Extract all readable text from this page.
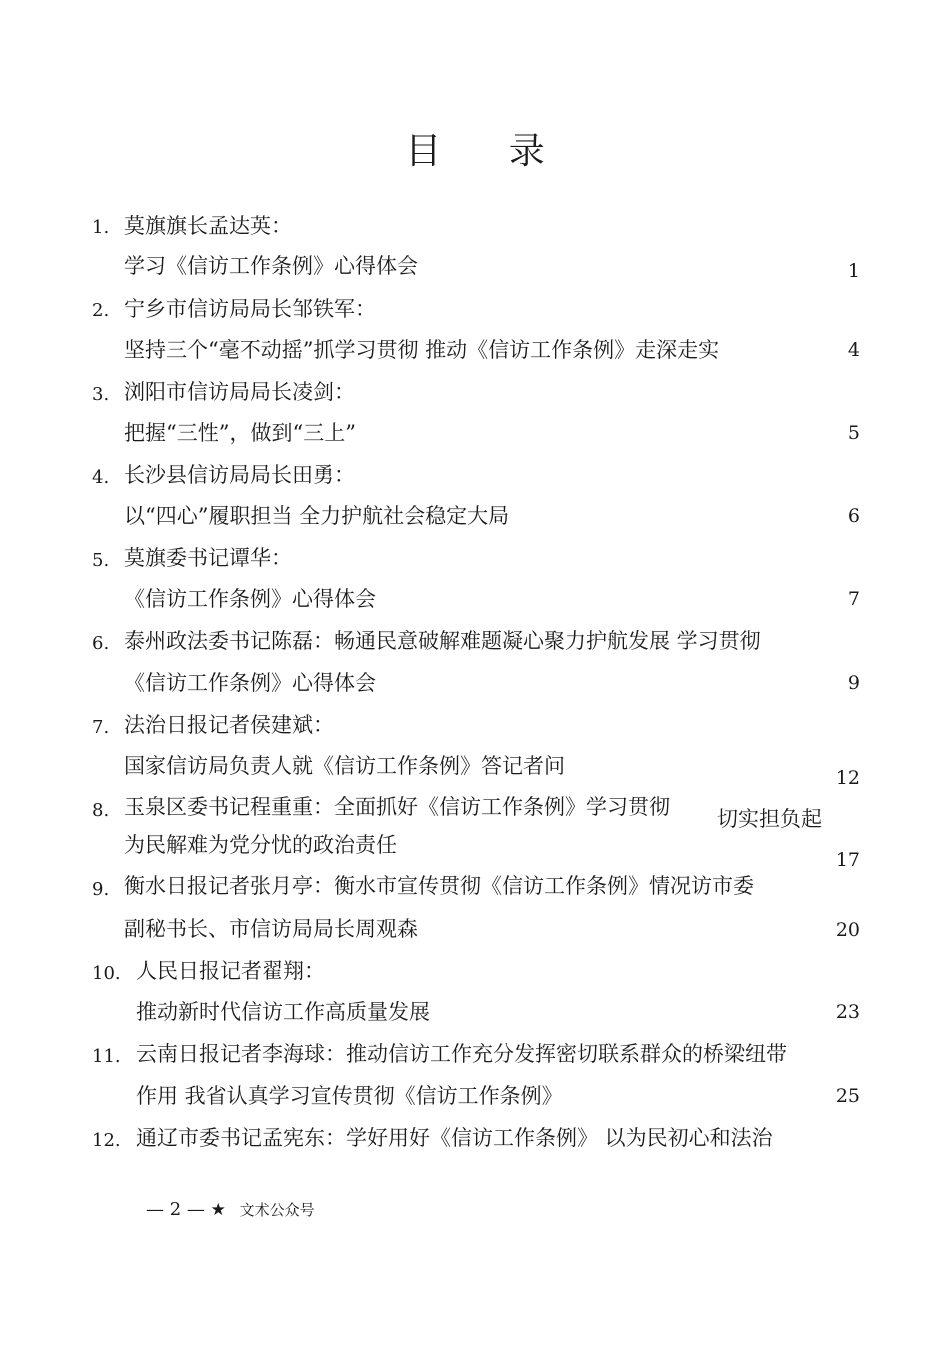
目 录
1. 莫旗旗长孟达英：
学习《信访工作条例》心得体会	1
2. 宁乡市信访局局长邹铁军：
坚持三个“毫不动摇”抓学习贯彻 推动《信访工作条例》走深走实	4
3. 浏阳市信访局局长凌剑：
把握“三性”，做到“三上”	5
4. 长沙县信访局局长田勇：
以“四心”履职担当 全力护航社会稳定大局	6
5. 莫旗委书记谭华：
《信访工作条例》心得体会	7
6. 泰州政法委书记陈磊：畅通民意破解难题凝心聚力护航发展 学习贯彻
《信访工作条例》心得体会	9
7. 法治日报记者侯建斌：
国家信访局负责人就《信访工作条例》答记者问	12
8. 玉泉区委书记程重重：全面抓好《信访工作条例》学习贯彻 切实担负起
为民解难为党分忧的政治责任
17
9. 衡水日报记者张月亭：衡水市宣传贯彻《信访工作条例》情况访市委
副秘书长、市信访局局长周观森	20
10. 人民日报记者翟翔：
推动新时代信访工作高质量发展	23
11. 云南日报记者李海球：推动信访工作充分发挥密切联系群众的桥梁纽带
作用 我省认真学习宣传贯彻《信访工作条例》	25
12. 通辽市委书记孟宪东：学好用好《信访工作条例》 以为民初心和法治
— 2 — ★ 文术公众号
